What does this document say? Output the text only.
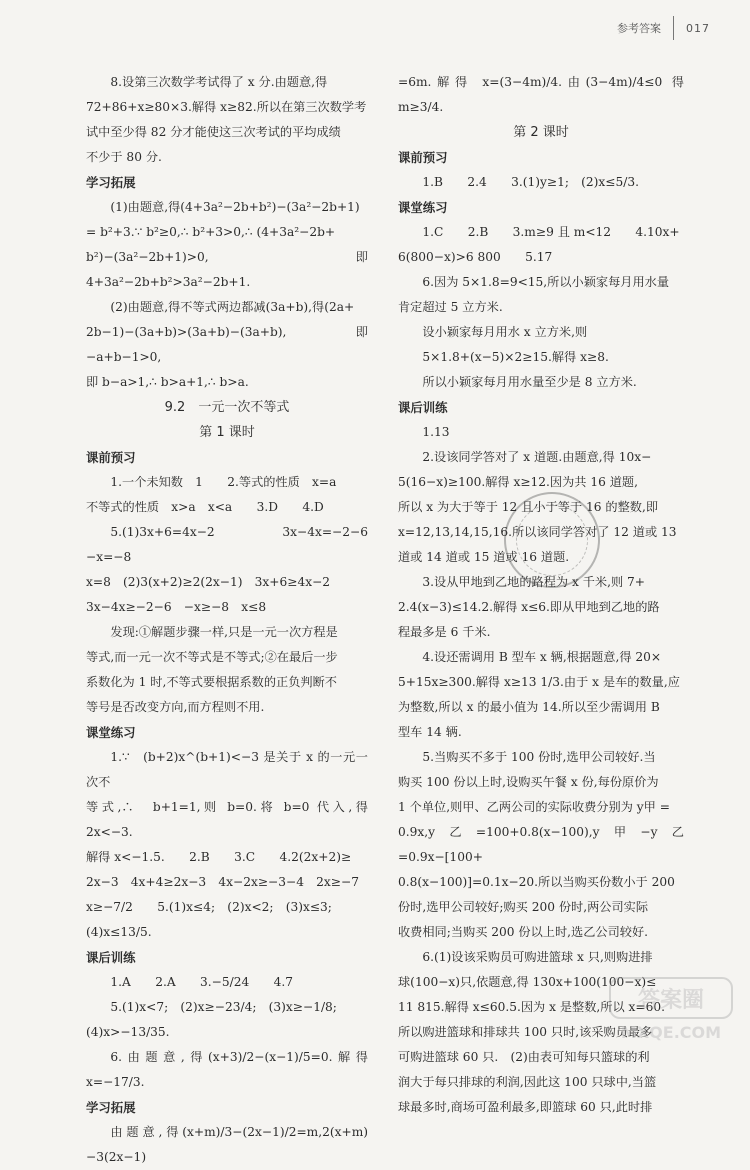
参考答案 017

8.设第三次数学考试得了 x 分.由题意,得

72+86+x≥80×3.解得 x≥82.所以在第三次数学考

试中至少得 82 分才能使这三次考试的平均成绩

不少于 80 分.

学习拓展

(1)由题意,得(4+3a²−2b+b²)−(3a²−2b+1)

= b²+3.∵ b²≥0,∴ b²+3>0,∴ (4+3a²−2b+

b²)−(3a²−2b+1)>0,即 4+3a²−2b+b²>3a²−2b+1.

(2)由题意,得不等式两边都减(3a+b),得(2a+

2b−1)−(3a+b)>(3a+b)−(3a+b),即−a+b−1>0,

即 b−a>1,∴ b>a+1,∴ b>a.

9.2　一元一次不等式

第 1 课时

课前预习

1.一个未知数　1　　2.等式的性质　x=a

不等式的性质　x>a　x<a　　3.D　　4.D

5.(1)3x+6=4x−2　3x−4x=−2−6　−x=−8

x=8　(2)3(x+2)≥2(2x−1)　3x+6≥4x−2

3x−4x≥−2−6　−x≥−8　x≤8

发现:①解题步骤一样,只是一元一次方程是

等式,而一元一次不等式是不等式;②在最后一步

系数化为 1 时,不等式要根据系数的正负判断不

等号是否改变方向,而方程则不用.

课堂练习

1.∵　(b+2)x^(b+1)<−3 是关于 x 的一元一次不

等式,∴　b+1=1,则 b=0.将 b=0 代入,得 2x<−3.

解得 x<−1.5.　　2.B　　3.C　　4.2(2x+2)≥

2x−3　4x+4≥2x−3　4x−2x≥−3−4　2x≥−7

x≥−7/2　　5.(1)x≤4;　(2)x<2;　(3)x≤3;

(4)x≤13/5.

课后训练

1.A　　2.A　　3.−5/24　　4.7

5.(1)x<7;　(2)x≥−23/4;　(3)x≥−1/8;

(4)x>−13/35.

6.由题意,得(x+3)/2−(x−1)/5=0.解得 x=−17/3.

学习拓展

由题意,得(x+m)/3−(2x−1)/2=m,2(x+m)−3(2x−1)

=6m.解得 x=(3−4m)/4.由(3−4m)/4≤0 得 m≥3/4.

第 2 课时

课前预习

1.B　　2.4　　3.(1)y≥1;　(2)x≤5/3.

课堂练习

1.C　　2.B　　3.m≥9 且 m<12　　4.10x+

6(800−x)>6 800　　5.17

6.因为 5×1.8=9<15,所以小颖家每月用水量

肯定超过 5 立方米.

设小颖家每月用水 x 立方米,则

5×1.8+(x−5)×2≥15.解得 x≥8.

所以小颖家每月用水量至少是 8 立方米.

课后训练

1.13

2.设该同学答对了 x 道题.由题意,得 10x−

5(16−x)≥100.解得 x≥12.因为共 16 道题,

所以 x 为大于等于 12 且小于等于 16 的整数,即

x=12,13,14,15,16.所以该同学答对了 12 道或 13

道或 14 道或 15 道或 16 道题.

3.设从甲地到乙地的路程为 x 千米,则 7+

2.4(x−3)≤14.2.解得 x≤6.即从甲地到乙地的路

程最多是 6 千米.

4.设还需调用 B 型车 x 辆,根据题意,得 20×

5+15x≥300.解得 x≥13 1/3.由于 x 是车的数量,应

为整数,所以 x 的最小值为 14.所以至少需调用 B

型车 14 辆.

5.当购买不多于 100 份时,选甲公司较好.当

购买 100 份以上时,设购买午餐 x 份,每份原价为

1 个单位,则甲、乙两公司的实际收费分别为 y甲 =

0.9x,y乙=100+0.8(x−100),y甲−y乙=0.9x−[100+

0.8(x−100)]=0.1x−20.所以当购买份数小于 200

份时,选甲公司较好;购买 200 份时,两公司实际

收费相同;当购买 200 份以上时,选乙公司较好.

6.(1)设该采购员可购进篮球 x 只,则购进排

球(100−x)只,依题意,得 130x+100(100−x)≤

11 815.解得 x≤60.5.因为 x 是整数,所以 x=60.

所以购进篮球和排球共 100 只时,该采购员最多

可购进篮球 60 只.　(2)由表可知每只篮球的利

润大于每只排球的利润,因此这 100 只球中,当篮

球最多时,商场可盈利最多,即篮球 60 只,此时排

答案圈
MXQE.COM
